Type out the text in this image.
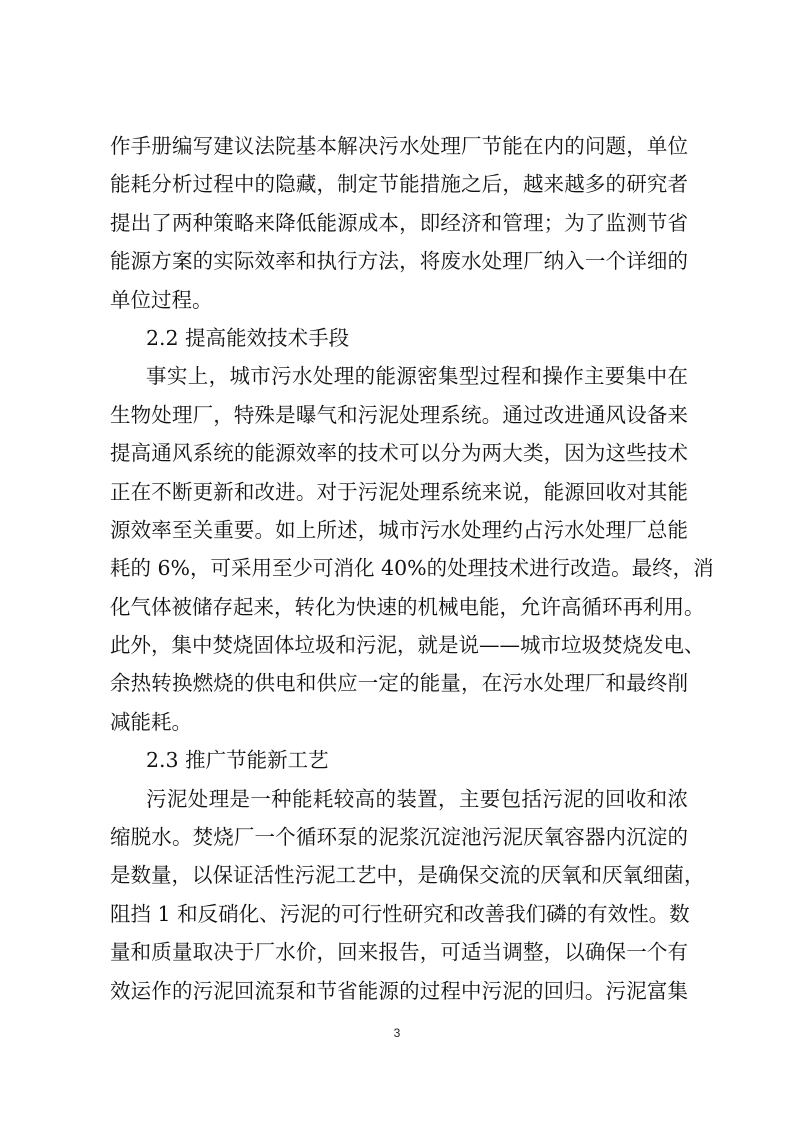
作手册编写建议法院基本解决污水处理厂节能在内的问题，单位
能耗分析过程中的隐藏，制定节能措施之后，越来越多的研究者
提出了两种策略来降低能源成本，即经济和管理；为了监测节省
能源方案的实际效率和执行方法，将废水处理厂纳入一个详细的
单位过程。
2.2 提高能效技术手段
事实上，城市污水处理的能源密集型过程和操作主要集中在
生物处理厂，特殊是曝气和污泥处理系统。通过改进通风设备来
提高通风系统的能源效率的技术可以分为两大类，因为这些技术
正在不断更新和改进。对于污泥处理系统来说，能源回收对其能
源效率至关重要。如上所述，城市污水处理约占污水处理厂总能
耗的 6%，可采用至少可消化 40%的处理技术进行改造。最终，消
化气体被储存起来，转化为快速的机械电能，允许高循环再利用。
此外，集中焚烧固体垃圾和污泥，就是说——城市垃圾焚烧发电、
余热转换燃烧的供电和供应一定的能量，在污水处理厂和最终削
减能耗。
2.3 推广节能新工艺
污泥处理是一种能耗较高的装置，主要包括污泥的回收和浓
缩脱水。焚烧厂一个循环泵的泥浆沉淀池污泥厌氧容器内沉淀的
是数量，以保证活性污泥工艺中，是确保交流的厌氧和厌氧细菌，
阻挡 1 和反硝化、污泥的可行性研究和改善我们磷的有效性。数
量和质量取决于厂水价，回来报告，可适当调整，以确保一个有
效运作的污泥回流泵和节省能源的过程中污泥的回归。污泥富集
3
